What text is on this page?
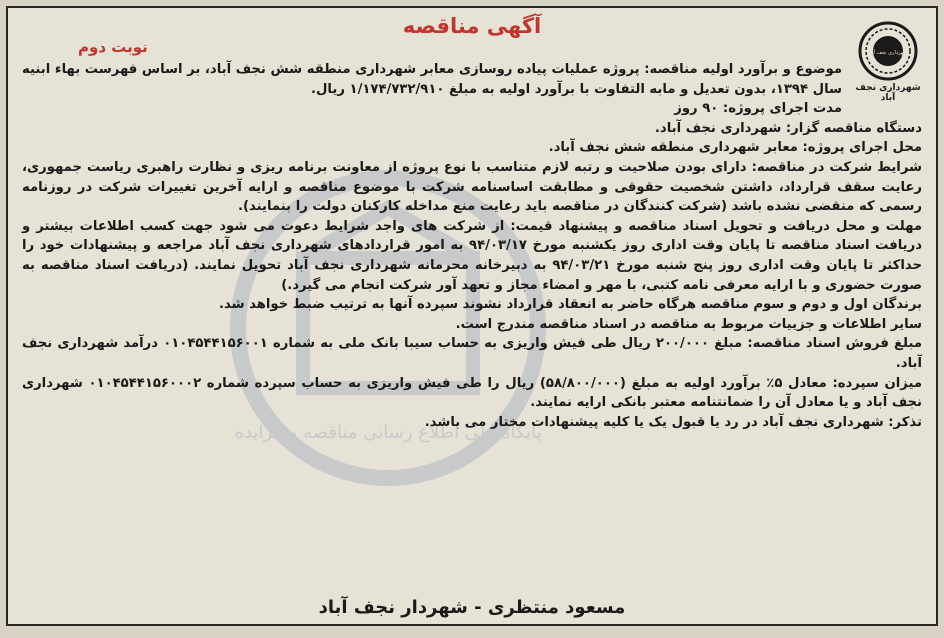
پایگاه ملی اطلاع رسانی مناقصه و مزایده
آگهی مناقصه
نوبت دوم	شهرداری نجف آباد
شهرداری نجف آباد

موضوع و برآورد اولیه مناقصه: پروژه عملیات پیاده روسازی معابر شهرداری منطقه شش نجف آباد، بر اساس فهرست بهاء ابنیه سال ۱۳۹۴، بدون تعدیل و مابه التفاوت با برآورد اولیه به مبلغ ۱/۱۷۴/۷۳۲/۹۱۰ ریال.

مدت اجرای پروژه: ۹۰ روز

دستگاه مناقصه گزار: شهرداری نجف آباد.

محل اجرای پروژه: معابر شهرداری منطقه شش نجف آباد.

شرایط شرکت در مناقصه: دارای بودن صلاحیت و رتبه لازم متناسب با نوع پروژه از معاونت برنامه ریزی و نظارت راهبری ریاست جمهوری، رعایت سقف قرارداد، داشتن شخصیت حقوقی و مطابقت اساسنامه شرکت با موضوع مناقصه و ارایه آخرین تغییرات شرکت در روزنامه رسمی که منقضی نشده باشد (شرکت کنندگان در مناقصه باید رعایت منع مداخله کارکنان دولت را بنمایند).

مهلت و محل دریافت و تحویل اسناد مناقصه و پیشنهاد قیمت: از شرکت های واجد شرایط دعوت می شود جهت کسب اطلاعات بیشتر و دریافت اسناد مناقصه تا پایان وقت اداری روز یکشنبه مورخ ۹۴/۰۳/۱۷ به امور قراردادهای شهرداری نجف آباد مراجعه و پیشنهادات خود را حداکثر تا پایان وقت اداری روز پنج شنبه مورخ ۹۴/۰۳/۲۱ به دبیرخانه محرمانه شهرداری نجف آباد تحویل نمایند. (دریافت اسناد مناقصه به صورت حضوری و با ارایه معرفی نامه کتبی، با مهر و امضاء مجاز و تعهد آور شرکت انجام می گیرد.)

برندگان اول و دوم و سوم مناقصه هرگاه حاضر به انعقاد قرارداد نشوند سپرده آنها به ترتیب ضبط خواهد شد.

سایر اطلاعات و جزییات مربوط به مناقصه در اسناد مناقصه مندرج است.

مبلغ فروش اسناد مناقصه: مبلغ ۲۰۰/۰۰۰ ریال طی فیش واریزی به حساب سیبا بانک ملی به شماره ۰۱۰۴۵۴۴۱۵۶۰۰۱ درآمد شهرداری نجف آباد.

میزان سپرده: معادل ۵٪ برآورد اولیه به مبلغ (۵۸/۸۰۰/۰۰۰) ریال را طی فیش واریزی به حساب سپرده شماره ۰۱۰۴۵۴۴۱۵۶۰۰۰۲ شهرداری نجف آباد و یا معادل آن را ضمانتنامه معتبر بانکی ارایه نمایند.

تذکر: شهرداری نجف آباد در رد یا قبول یک یا کلیه پیشنهادات مختار می باشد.

مسعود منتظری - شهردار نجف آباد
